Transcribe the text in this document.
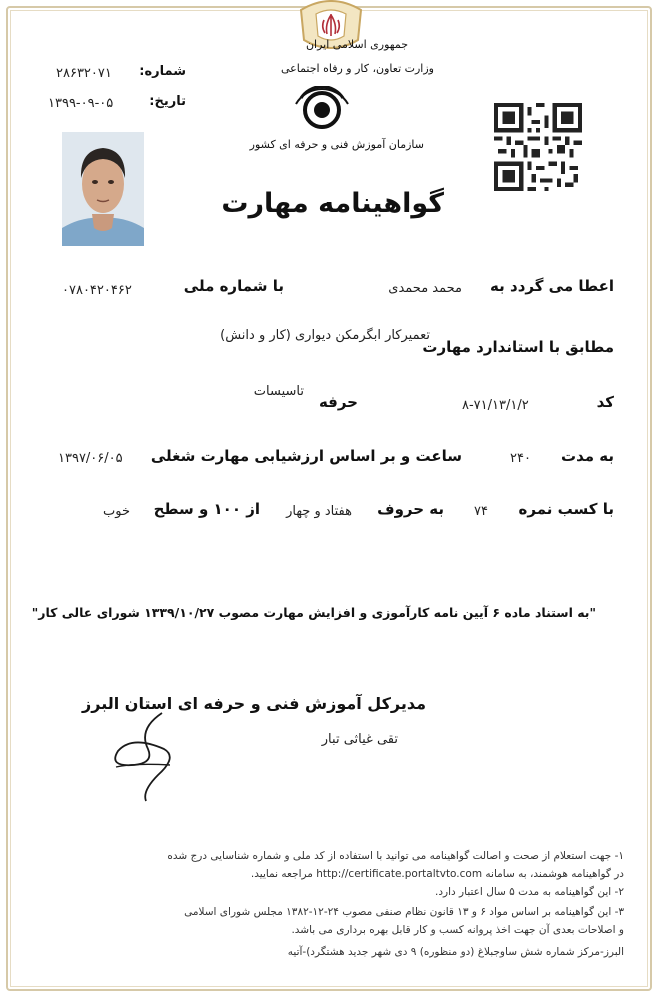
جمهوری اسلامی ایران
وزارت تعاون، کار و رفاه اجتماعی
سازمان آموزش فنی و حرفه ای کشور
شماره:
۲۸۶۳۲۰۷۱
تاریخ:
۱۳۹۹-۰۹-۰۵
گواهینامه مهارت
اعطا می گردد به
محمد محمدی
با شماره ملی
۰۷۸۰۴۲۰۴۶۲
مطابق با استاندارد مهارت
تعمیرکار ابگرمکن دیواری (کار و دانش)
کد
۸-۷۱/۱۳/۱/۲
حرفه
تاسیسات
به مدت
۲۴۰
ساعت و بر اساس ارزشیابی مهارت شغلی
۱۳۹۷/۰۶/۰۵
با کسب نمره
۷۴
به حروف
هفتاد و چهار
از ۱۰۰ و سطح
خوب
"به استناد ماده ۶ آیین نامه کارآموزی و افزایش مهارت مصوب ۱۳۳۹/۱۰/۲۷ شورای عالی کار"
مدیرکل آموزش فنی و حرفه ای استان البرز
تقی غیاثی تبار
۱- جهت استعلام از صحت و اصالت گواهینامه می توانید با استفاده از کد ملی و شماره شناسایی درج شده
در گواهینامه هوشمند، به سامانه http://certificate.portaltvto.com مراجعه نمایید.
۲- این گواهینامه به مدت ۵ سال اعتبار دارد.
۳- این گواهینامه بر اساس مواد ۶ و ۱۳ قانون نظام صنفی مصوب ۲۴-۱۲-۱۳۸۲ مجلس شورای اسلامی
و اصلاحات بعدی آن جهت اخذ پروانه کسب و کار قابل بهره برداری می باشد.
البرز-مرکز شماره شش ساوجبلاغ (دو منظوره) ۹ دی شهر جدید هشتگرد)-آتیه
